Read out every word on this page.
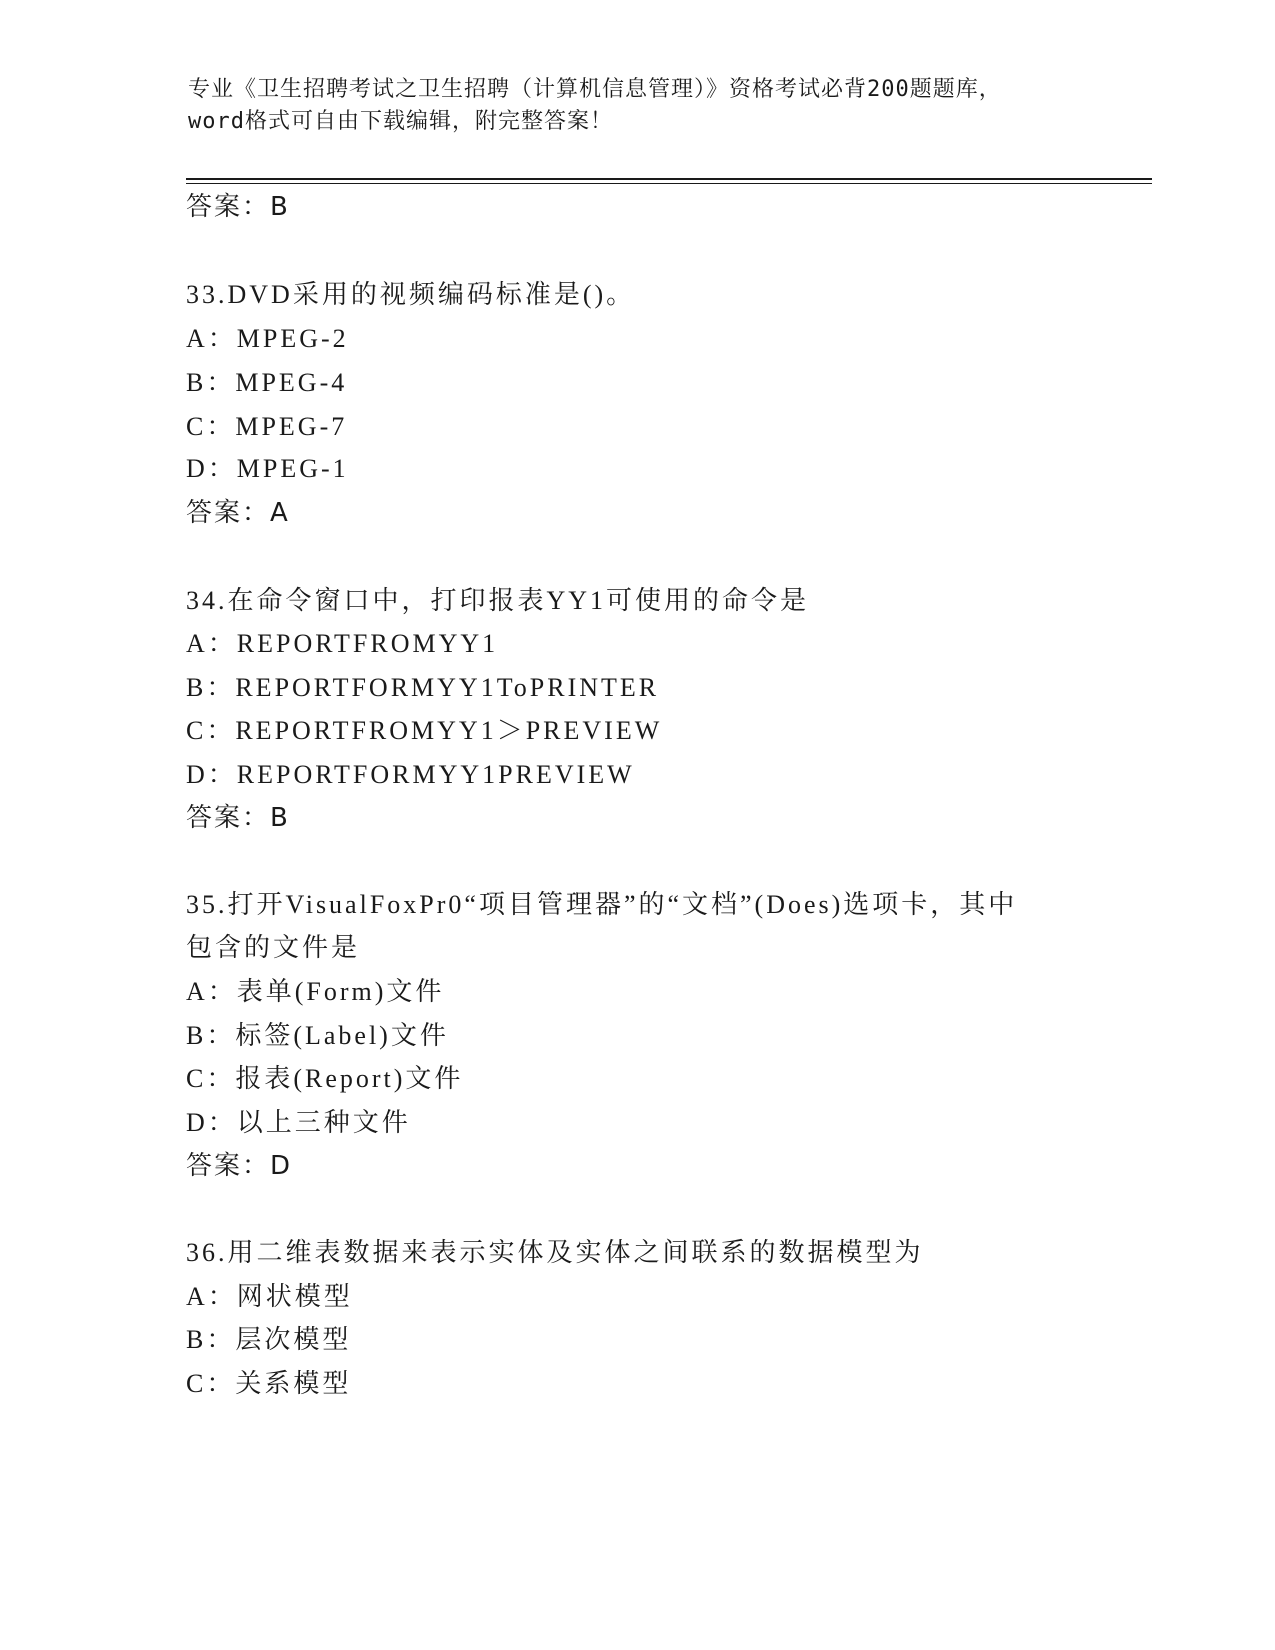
专业《卫生招聘考试之卫生招聘（计算机信息管理）》资格考试必背200题题库，
word格式可自由下载编辑，附完整答案！
答案：B
33.DVD采用的视频编码标准是()。
A：MPEG-2
B：MPEG-4
C：MPEG-7
D：MPEG-1
答案：A
34.在命令窗口中，打印报表YY1可使用的命令是
A：REPORTFROMYY1
B：REPORTFORMYY1ToPRINTER
C：REPORTFROMYY1＞PREVIEW
D：REPORTFORMYY1PREVIEW
答案：B
35.打开VisualFoxPr0“项目管理器”的“文档”(Does)选项卡，其中
包含的文件是
A：表单(Form)文件
B：标签(Label)文件
C：报表(Report)文件
D：以上三种文件
答案：D
36.用二维表数据来表示实体及实体之间联系的数据模型为
A：网状模型
B：层次模型
C：关系模型
